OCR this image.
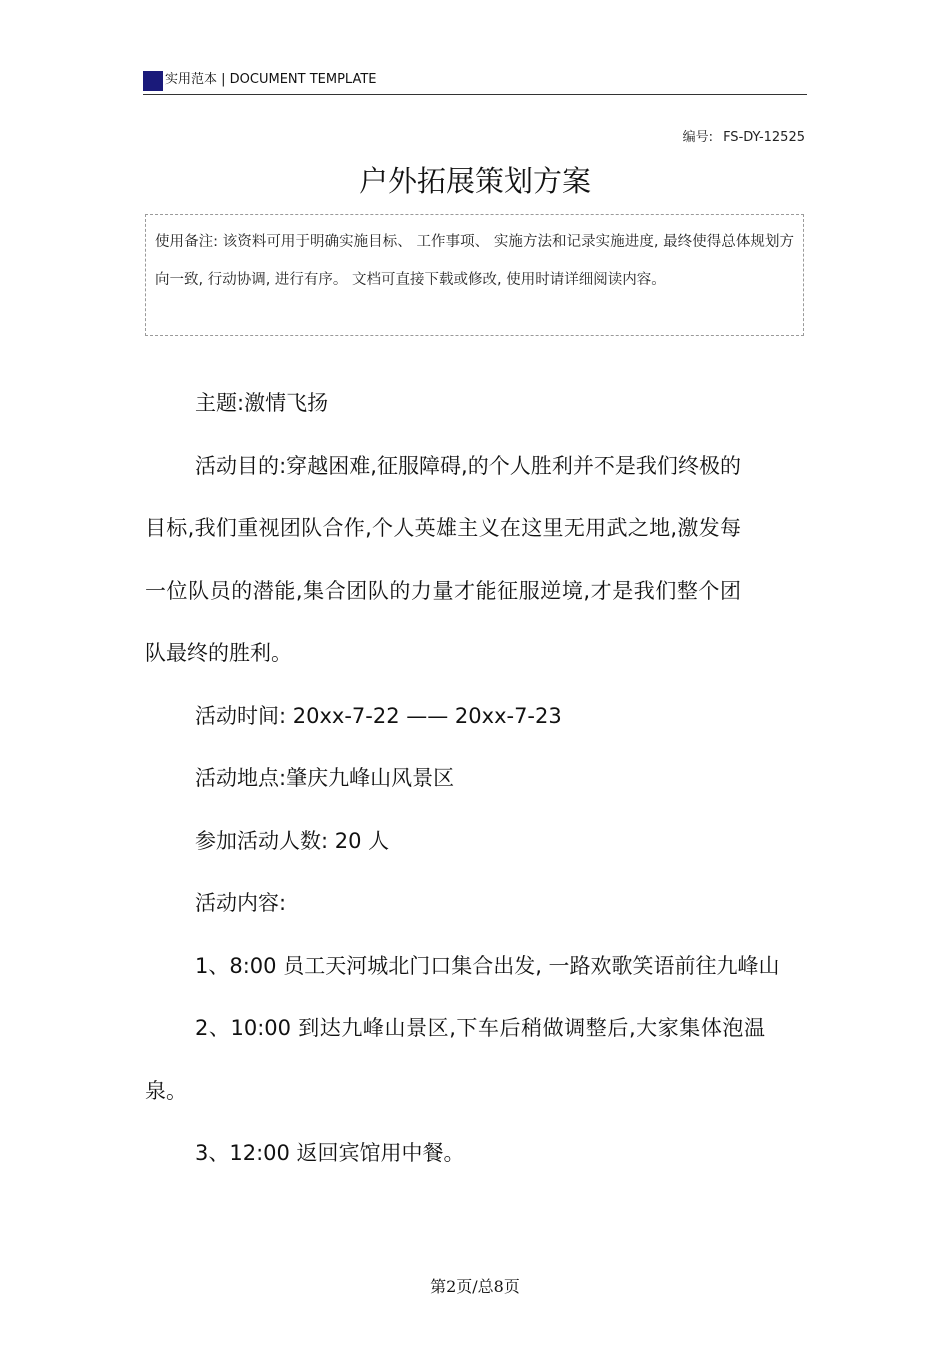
实用范本 | DOCUMENT TEMPLATE
编号: FS-DY-12525
户外拓展策划方案
使用备注: 该资料可用于明确实施目标、 工作事项、 实施方法和记录实施进度, 最终使得总体规划方向一致, 行动协调, 进行有序。 文档可直接下载或修改, 使用时请详细阅读内容。

主题:激情飞扬

活动目的:穿越困难,征服障碍,的个人胜利并不是我们终极的目标,我们重视团队合作,个人英雄主义在这里无用武之地,激发每一位队员的潜能,集合团队的力量才能征服逆境,才是我们整个团队最终的胜利。

活动时间: 20xx-7-22 —— 20xx-7-23

活动地点:肇庆九峰山风景区

参加活动人数: 20 人

活动内容:

1、8:00 员工天河城北门口集合出发, 一路欢歌笑语前往九峰山

2、10:00 到达九峰山景区,下车后稍做调整后,大家集体泡温泉。

3、12:00 返回宾馆用中餐。

第2页/总8页
